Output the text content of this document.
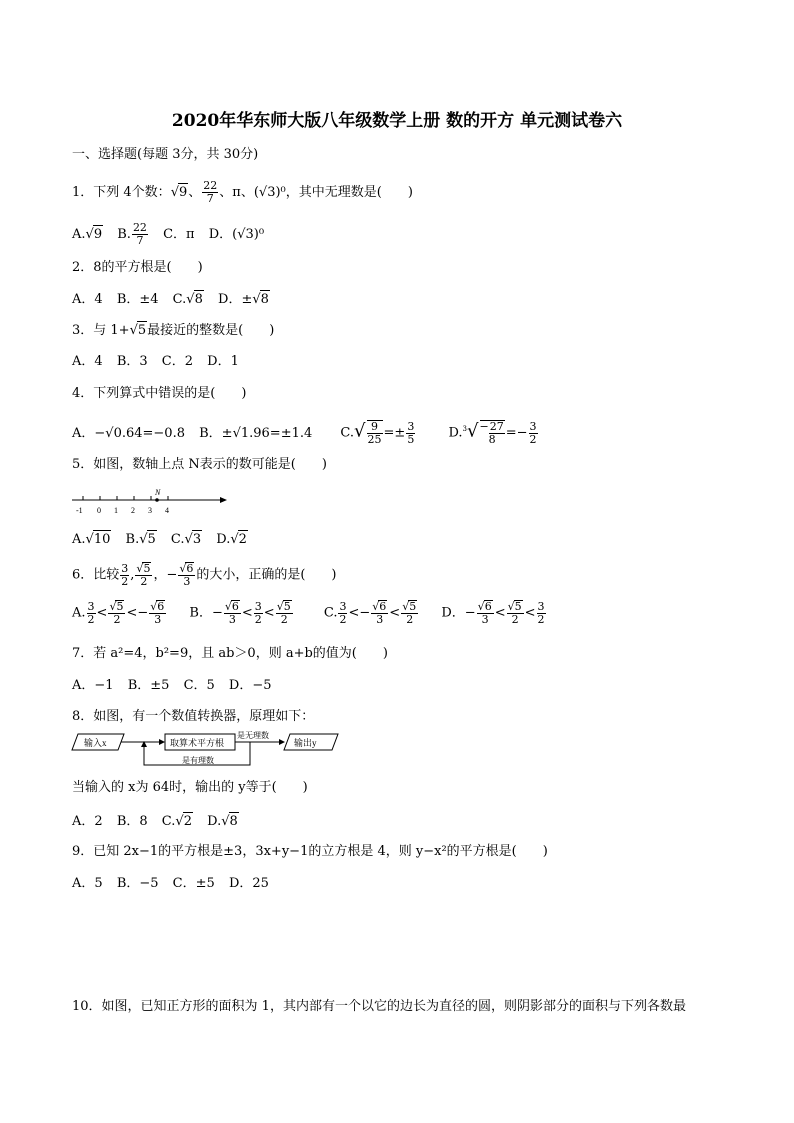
2020年华东师大版八年级数学上册 数的开方 单元测试卷六
一、选择题(每题 3分，共 30分)
1．下列 4个数：√9、 $\frac{22}{7}$ 、π、(√3)⁰，其中无理数是(　　)
A.√9 B. $\frac{22}{7}$ C．π D．(√3)⁰
2．8的平方根是(　　)
A．4 B．±4 C.√8 D．±√8
3．与 1+√5最接近的整数是(　　)
A．4 B．3 C．2 D．1
4．下列算式中错误的是(　　)
A．−√0.64=−0.8 B．±√1.96=±1.4 $C.√ \frac{9}{25} =\pm \frac{3}{5}$	D.$^3$√−27
$8 =- \frac{3}{2}$
5．如图，数轴上点 N表示的数可能是(　　)
N
-1 0 1 2 3 4
A.√10 B.√5 C.√3 D.√2
6．比较 $\frac{3}{2}$ , $\frac{√5}{2}$ ，− $\frac{√6}{3}$ 的大小，正确的是(　　)
A. $\frac{3}{2} < \frac{√5}{2} <- \frac{√6}{3}$ B．− $\frac{√6}{3} < \frac{3}{2} < \frac{√5}{2} C$. $\frac{3}{2} <- \frac{√6}{3} < \frac{√5}{2}$ D．− $\frac{√6}{3} < \frac{√5}{2} < \frac{3}{2}$
7．若 a²=4，b²=9，且 ab＞0，则 a+b的值为(　　)
A．−1 B．±5 C．5 D．−5
8．如图，有一个数值转换器，原理如下：
输入x	取算术平方根
是无理数
输出y
是有理数
当输入的 x为 64时，输出的 y等于(　　)
A．2 B．8 C.√2 D.√8
9．已知 2x−1的平方根是±3，3x+y−1的立方根是 4，则 y−x²的平方根是(　　)
A．5 B．−5 C．±5 D．25
10．如图，已知正方形的面积为 1，其内部有一个以它的边长为直径的圆，则阴影部分的面积与下列各数最
